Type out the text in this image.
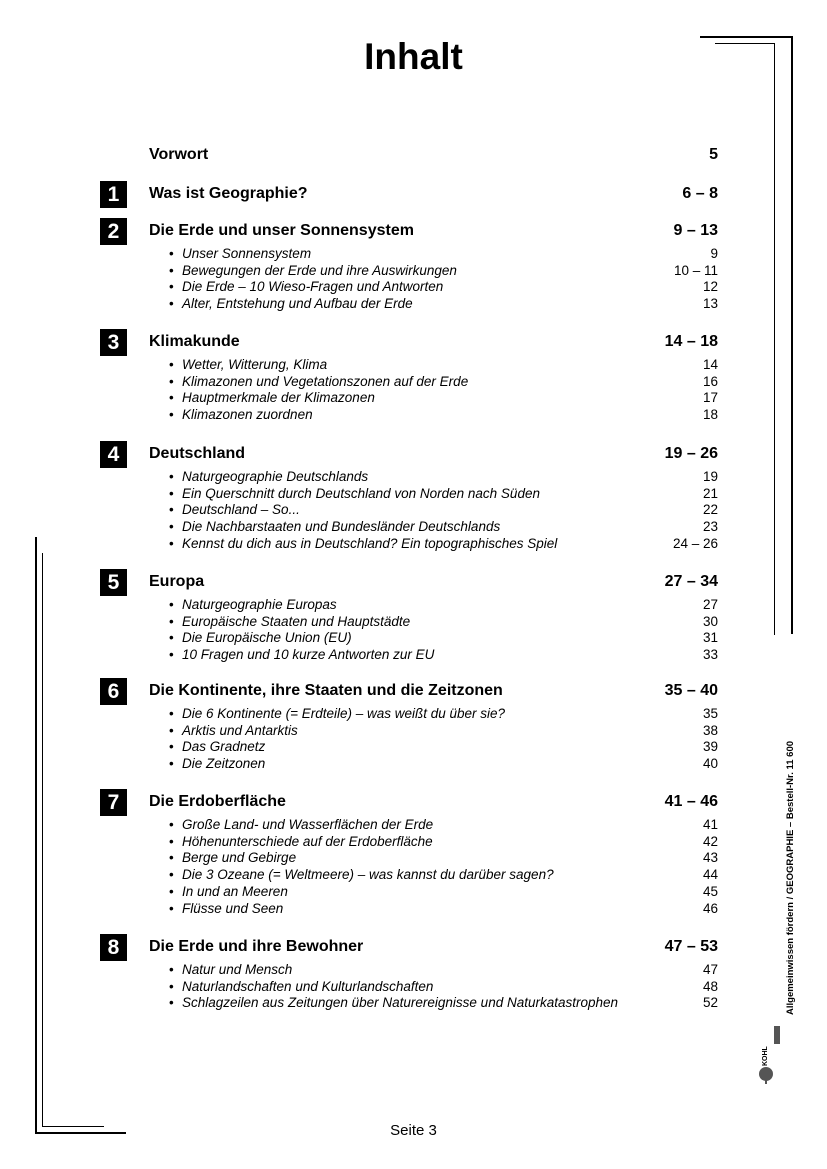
Inhalt
Vorwort	5
1	Was ist Geographie?	6 – 8
2	Die Erde und unser Sonnensystem	9 – 13
• Unser Sonnensystem	9
• Bewegungen der Erde und ihre Auswirkungen	10 – 11
• Die Erde – 10 Wieso-Fragen und Antworten	12
• Alter, Entstehung und Aufbau der Erde	13
3	Klimakunde	14 – 18
• Wetter, Witterung, Klima	14
• Klimazonen und Vegetationszonen auf der Erde	16
• Hauptmerkmale der Klimazonen	17
• Klimazonen zuordnen	18
4	Deutschland	19 – 26
• Naturgeographie Deutschlands	19
• Ein Querschnitt durch Deutschland von Norden nach Süden	21
• Deutschland – So...	22
• Die Nachbarstaaten und Bundesländer Deutschlands	23
• Kennst du dich aus in Deutschland? Ein topographisches Spiel	24 – 26
5	Europa	27 – 34
• Naturgeographie Europas	27
• Europäische Staaten und Hauptstädte	30
• Die Europäische Union (EU)	31
• 10 Fragen und 10 kurze Antworten zur EU	33
6	Die Kontinente, ihre Staaten und die Zeitzonen	35 – 40
• Die 6 Kontinente (= Erdteile) – was weißt du über sie?	35
• Arktis und Antarktis	38
• Das Gradnetz	39
• Die Zeitzonen	40
7	Die Erdoberfläche	41 – 46
• Große Land- und Wasserflächen der Erde	41
• Höhenunterschiede auf der Erdoberfläche	42
• Berge und Gebirge	43
• Die 3 Ozeane (= Weltmeere) – was kannst du darüber sagen?	44
• In und an Meeren	45
• Flüsse und Seen	46
8	Die Erde und ihre Bewohner	47 – 53
• Natur und Mensch	47
• Naturlandschaften und Kulturlandschaften	48
• Schlagzeilen aus Zeitungen über Naturereignisse und Naturkatastrophen	52	Allgemeinwissen fördern / GEOGRAPHIE – Bestell-Nr. 11 600
KOHL
Seite 3
